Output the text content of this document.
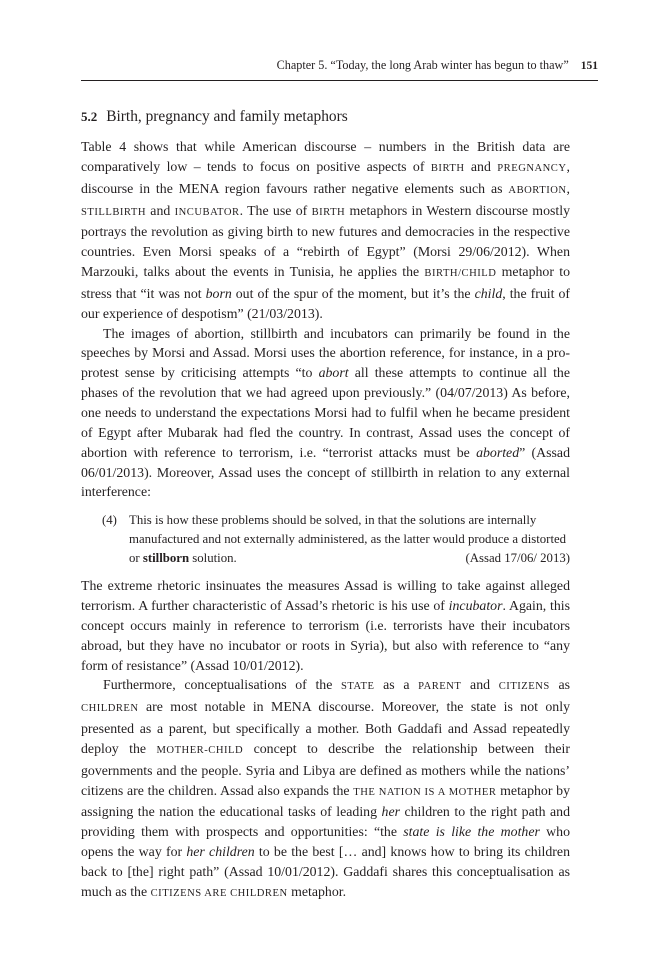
Chapter 5. “Today, the long Arab winter has begun to thaw” 151
5.2 Birth, pregnancy and family metaphors

Table 4 shows that while American discourse – numbers in the British data are comparatively low – tends to focus on positive aspects of BIRTH and PREGNANCY, discourse in the MENA region favours rather negative elements such as ABORTION, STILLBIRTH and INCUBATOR. The use of BIRTH metaphors in Western discourse mostly portrays the revolution as giving birth to new futures and democracies in the respective countries. Even Morsi speaks of a “rebirth of Egypt” (Morsi 29/06/2012). When Marzouki, talks about the events in Tunisia, he applies the BIRTH/CHILD metaphor to stress that “it was not born out of the spur of the moment, but it’s the child, the fruit of our experience of despotism” (21/03/2013).

The images of abortion, stillbirth and incubators can primarily be found in the speeches by Morsi and Assad. Morsi uses the abortion reference, for instance, in a pro-protest sense by criticising attempts “to abort all these attempts to continue all the phases of the revolution that we had agreed upon previously.” (04/07/2013) As before, one needs to understand the expectations Morsi had to fulfil when he became president of Egypt after Mubarak had fled the country. In contrast, Assad uses the concept of abortion with reference to terrorism, i.e. “terrorist attacks must be aborted” (Assad 06/01/2013). Moreover, Assad uses the concept of stillbirth in relation to any external interference:

(4) This is how these problems should be solved, in that the solutions are internally manufactured and not externally administered, as the latter would produce a distorted or stillborn solution.	(Assad 17/06/ 2013)

The extreme rhetoric insinuates the measures Assad is willing to take against alleged terrorism. A further characteristic of Assad’s rhetoric is his use of incubator. Again, this concept occurs mainly in reference to terrorism (i.e. terrorists have their incubators abroad, but they have no incubator or roots in Syria), but also with reference to “any form of resistance” (Assad 10/01/2012).

Furthermore, conceptualisations of the STATE as a PARENT and CITIZENS as CHILDREN are most notable in MENA discourse. Moreover, the state is not only presented as a parent, but specifically a mother. Both Gaddafi and Assad repeatedly deploy the MOTHER-CHILD concept to describe the relationship between their governments and the people. Syria and Libya are defined as mothers while the nations’ citizens are the children. Assad also expands the THE NATION IS A MOTHER metaphor by assigning the nation the educational tasks of leading her children to the right path and providing them with prospects and opportunities: “the state is like the mother who opens the way for her children to be the best [… and] knows how to bring its children back to [the] right path” (Assad 10/01/2012). Gaddafi shares this conceptualisation as much as the CITIZENS ARE CHILDREN metaphor.
